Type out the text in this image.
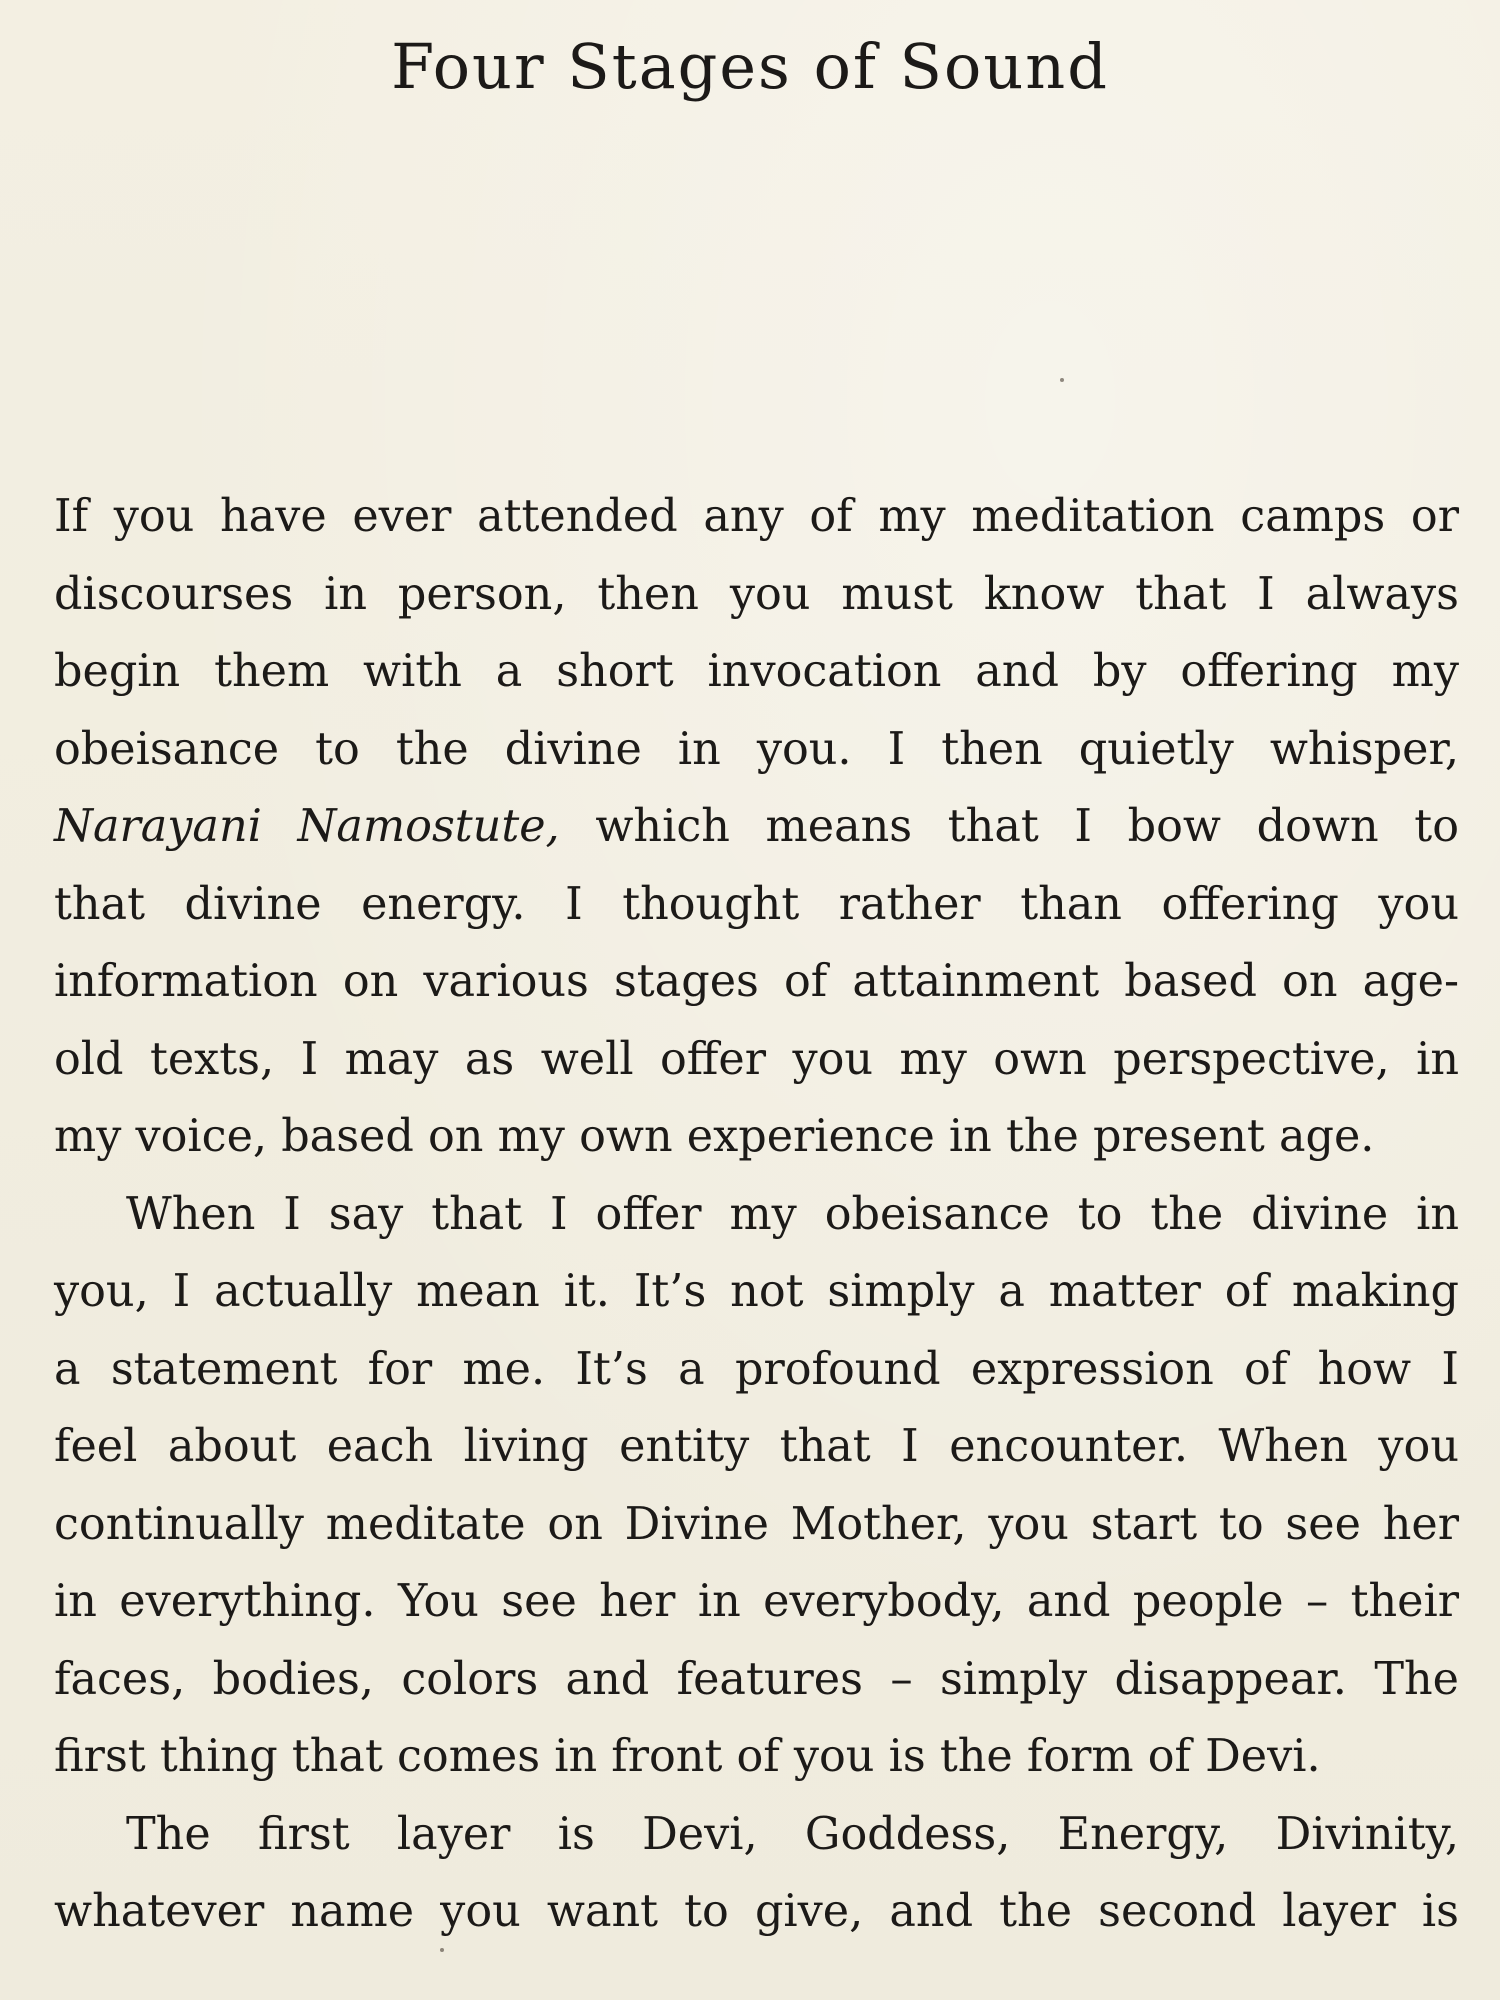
Four Stages of Sound
If you have ever attended any of my meditation camps or
discourses in person, then you must know that I always
begin them with a short invocation and by offering my
obeisance to the divine in you. I then quietly whisper,
Narayani Namostute, which means that I bow down to
that divine energy. I thought rather than offering you
information on various stages of attainment based on age-
old texts, I may as well offer you my own perspective, in
my voice, based on my own experience in the present age.
When I say that I offer my obeisance to the divine in
you, I actually mean it. It’s not simply a matter of making
a statement for me. It’s a profound expression of how I
feel about each living entity that I encounter. When you
continually meditate on Divine Mother, you start to see her
in everything. You see her in everybody, and people – their
faces, bodies, colors and features – simply disappear. The
first thing that comes in front of you is the form of Devi.
The first layer is Devi, Goddess, Energy, Divinity,
whatever name you want to give, and the second layer is
